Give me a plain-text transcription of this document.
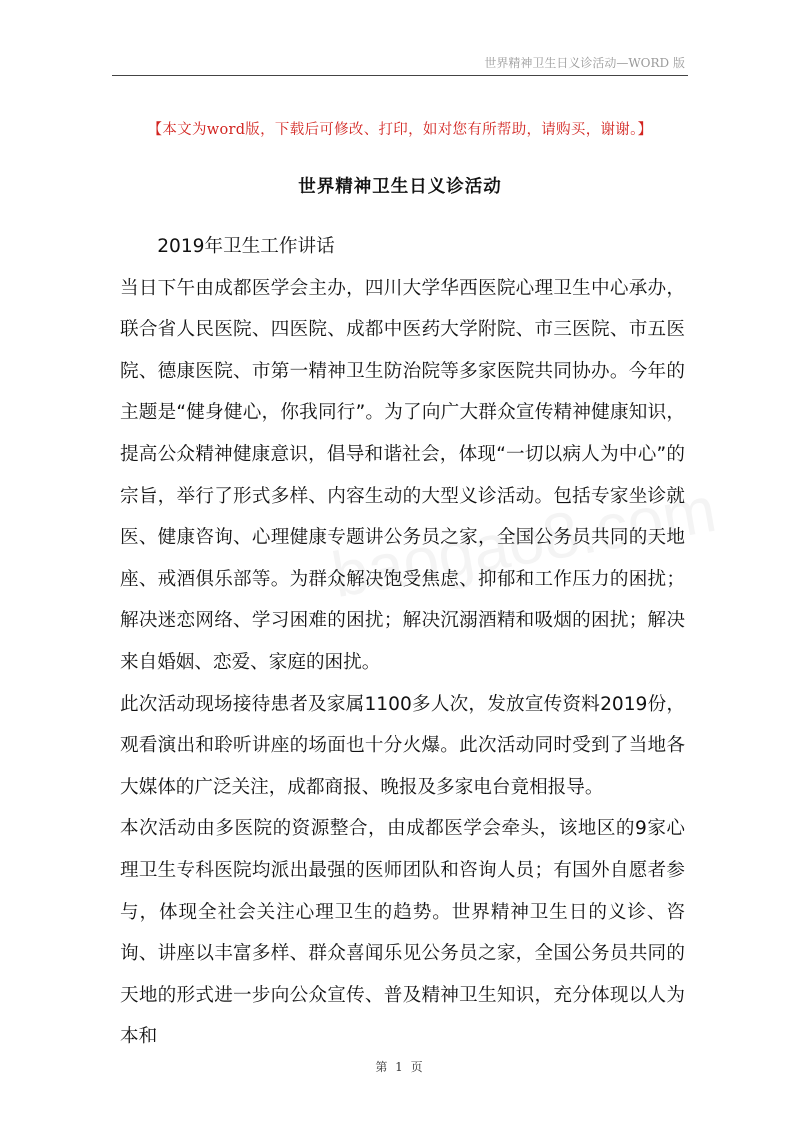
世界精神卫生日义诊活动—WORD 版
【本文为word版，下载后可修改、打印，如对您有所帮助，请购买，谢谢。】
世界精神卫生日义诊活动

2019年卫生工作讲话

当日下午由成都医学会主办，四川大学华西医院心理卫生中心承办，联合省人民医院、四医院、成都中医药大学附院、市三医院、市五医院、德康医院、市第一精神卫生防治院等多家医院共同协办。今年的主题是“健身健心，你我同行”。为了向广大群众宣传精神健康知识，提高公众精神健康意识，倡导和谐社会，体现“一切以病人为中心”的宗旨，举行了形式多样、内容生动的大型义诊活动。包括专家坐诊就医、健康咨询、心理健康专题讲公务员之家，全国公务员共同的天地座、戒酒俱乐部等。为群众解决饱受焦虑、抑郁和工作压力的困扰；解决迷恋网络、学习困难的困扰；解决沉溺酒精和吸烟的困扰；解决来自婚姻、恋爱、家庭的困扰。

此次活动现场接待患者及家属1100多人次，发放宣传资料2019份，观看演出和聆听讲座的场面也十分火爆。此次活动同时受到了当地各大媒体的广泛关注，成都商报、晚报及多家电台竟相报导。

本次活动由多医院的资源整合，由成都医学会牵头，该地区的9家心理卫生专科医院均派出最强的医师团队和咨询人员；有国外自愿者参与，体现全社会关注心理卫生的趋势。世界精神卫生日的义诊、咨询、讲座以丰富多样、群众喜闻乐见公务员之家，全国公务员共同的天地的形式进一步向公众宣传、普及精神卫生知识，充分体现以人为本和

第 1 页
